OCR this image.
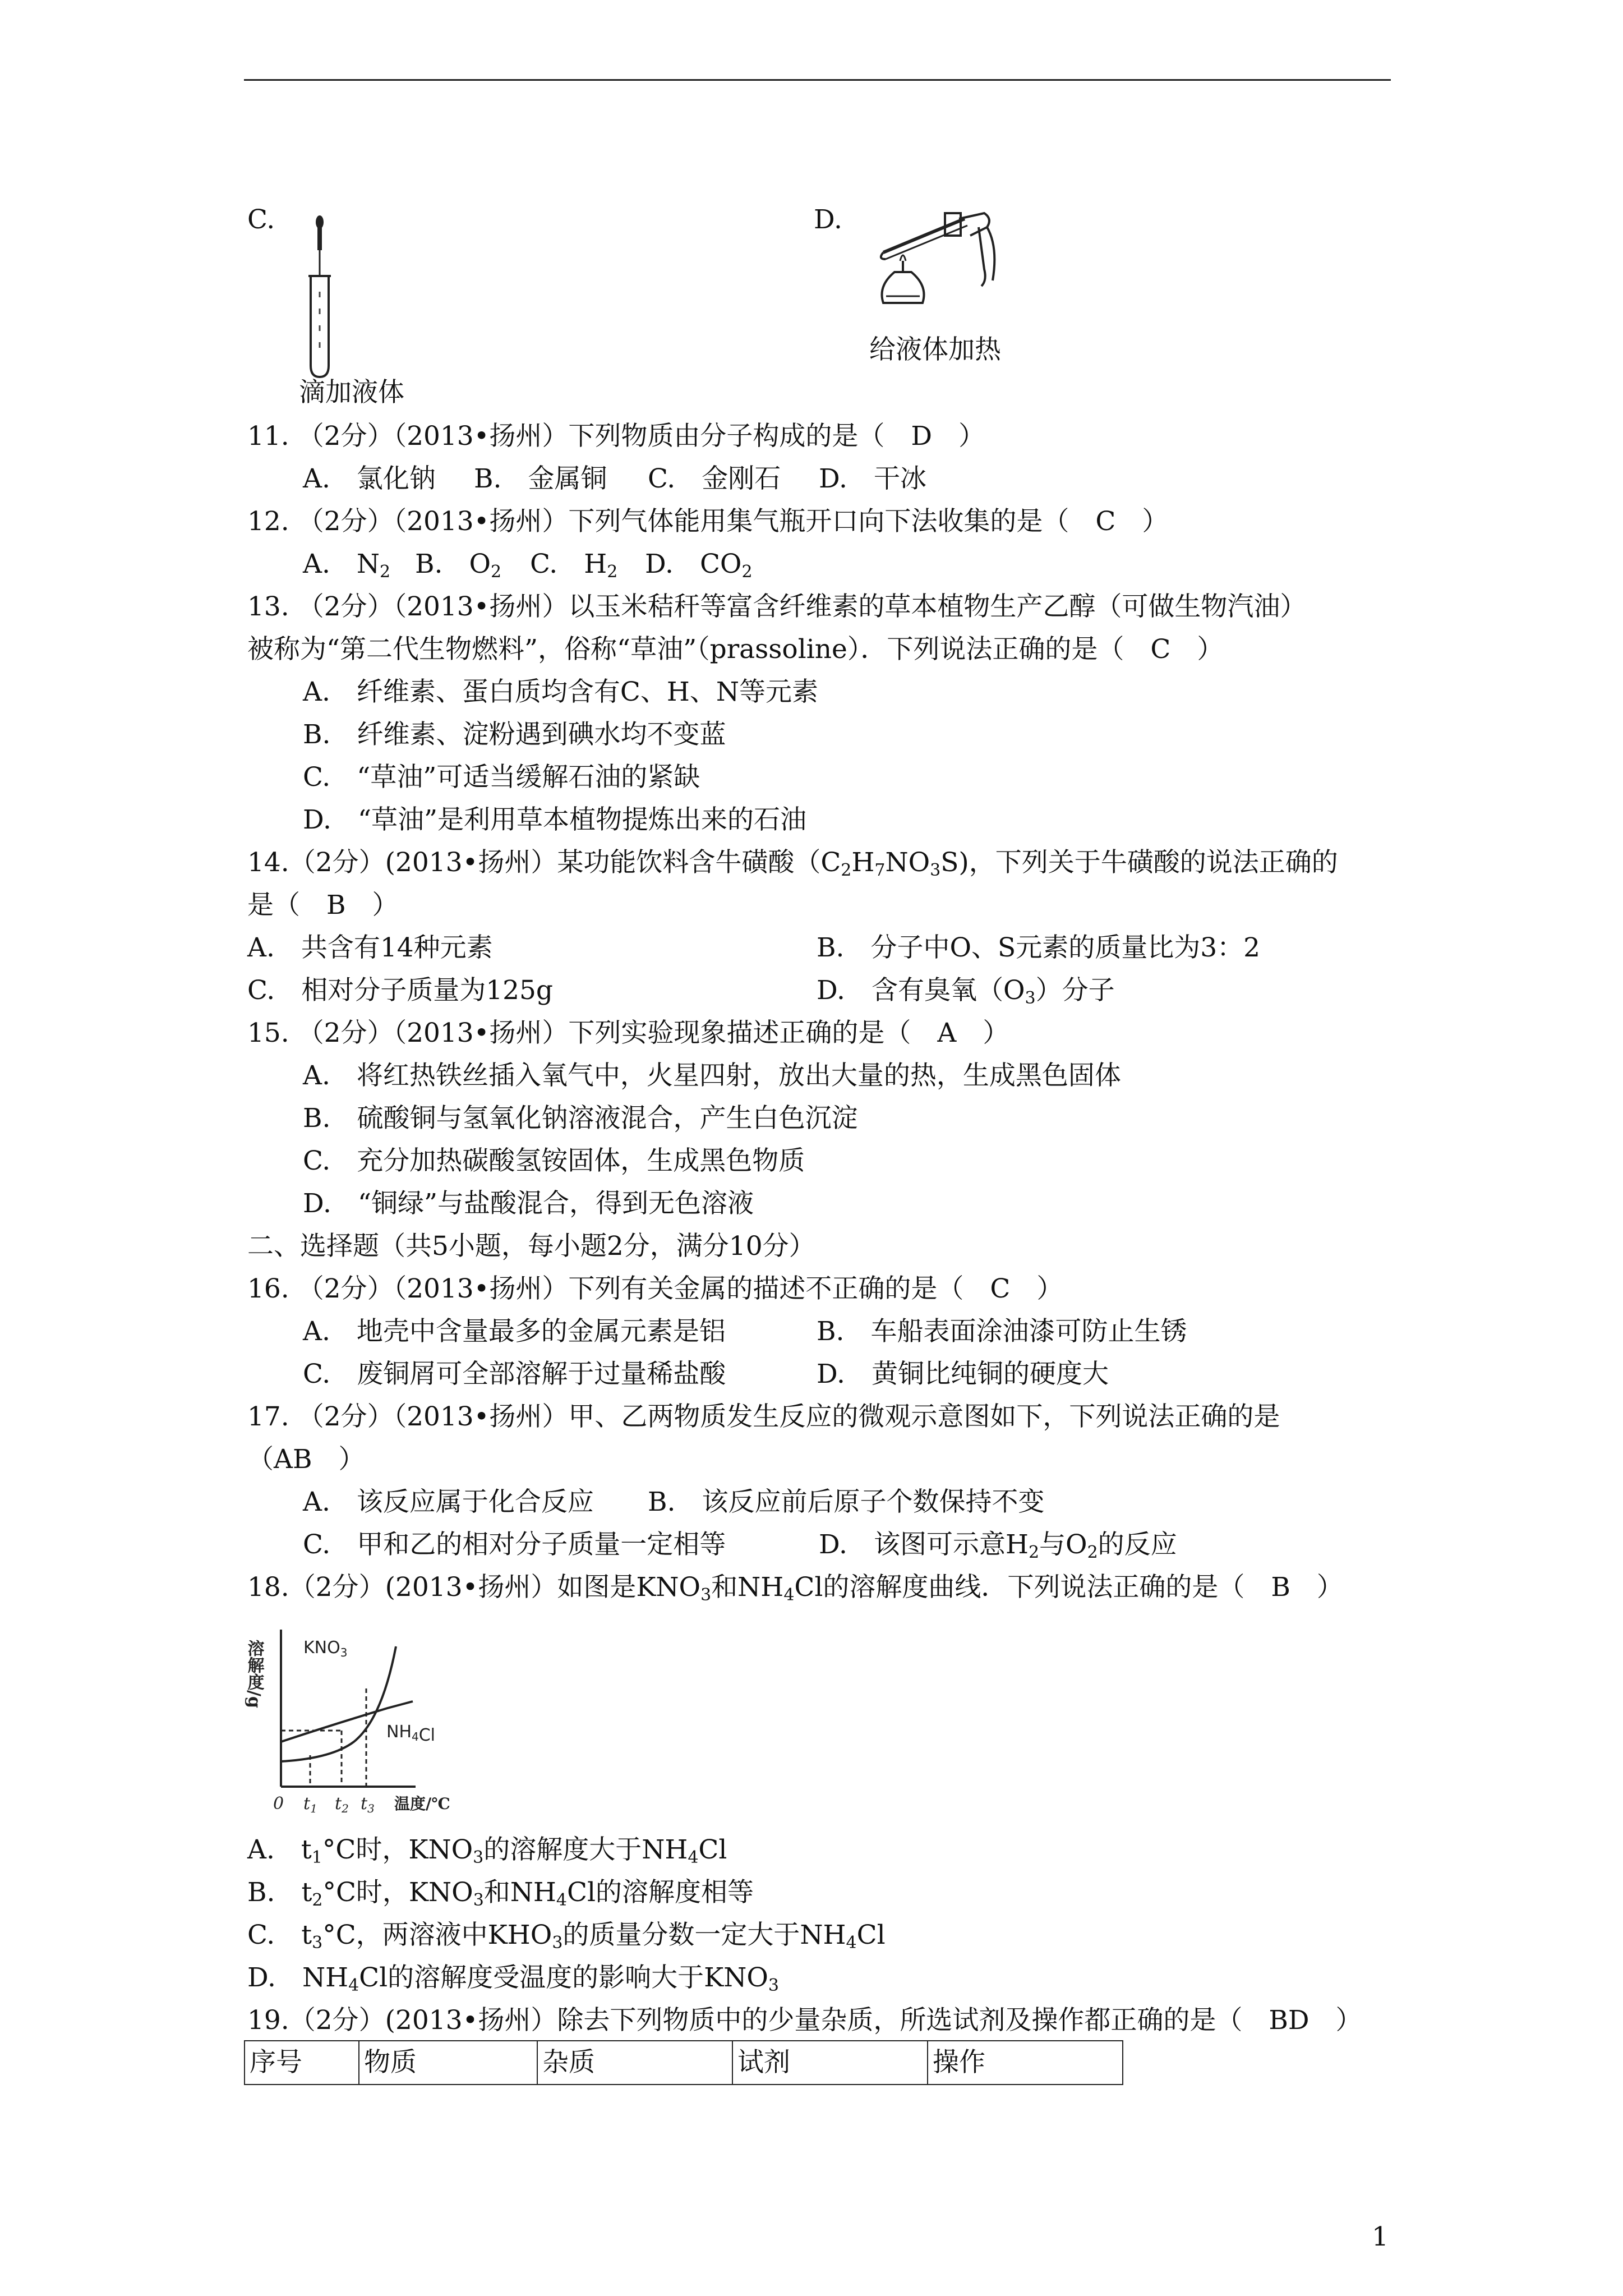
C.
滴加液体
D.
给液体加热
11. （2分）（2013•扬州）下列物质由分子构成的是（　D　）
A.　氯化钠 B.　金属铜 C.　金刚石 D.　干冰
12. （2分）（2013•扬州）下列气体能用集气瓶开口向下法收集的是（　C　）
A.　$N_2$ B.　$O_2$ C.　$H_2$ D.　$CO_2$
13. （2分）（2013•扬州）以玉米秸秆等富含纤维素的草本植物生产乙醇（可做生物汽油）
被称为“第二代生物燃料”，俗称“草油”（prassoline）．下列说法正确的是（　C　）
A.　纤维素、蛋白质均含有C、H、N等元素
B.　纤维素、淀粉遇到碘水均不变蓝
C.　“草油”可适当缓解石油的紧缺
D.　“草油”是利用草本植物提炼出来的石油
14.（2分）(2013•扬州）某功能饮料含牛磺酸$(C_2H_7NO_3S)$，下列关于牛磺酸的说法正确的
是（　B　）
A.　共含有14种元素	B.　分子中O、S元素的质量比为3：2
C.　相对分子质量为125g	D.　含有臭氧$(O_3)$分子
15. （2分）（2013•扬州）下列实验现象描述正确的是（　A　）
A.　将红热铁丝插入氧气中，火星四射，放出大量的热，生成黑色固体
B.　硫酸铜与氢氧化钠溶液混合，产生白色沉淀
C.　充分加热碳酸氢铵固体，生成黑色物质
D.　“铜绿”与盐酸混合，得到无色溶液
二、选择题（共5小题，每小题2分，满分10分）
16. （2分）（2013•扬州）下列有关金属的描述不正确的是（　C　）
A.　地壳中含量最多的金属元素是铝	B.　车船表面涂油漆可防止生锈
C.　废铜屑可全部溶解于过量稀盐酸	D.　黄铜比纯铜的硬度大
17. （2分）（2013•扬州）甲、乙两物质发生反应的微观示意图如下，下列说法正确的是
（AB　）
A.　该反应属于化合反应 B.　该反应前后原子个数保持不变
C.　甲和乙的相对分子质量一定相等	D.　该图可示意$H_2$与$O_2$的反应
18.（2分）(2013•扬州）如图是$KNO_3$和$NH_4Cl$的溶解度曲线．下列说法正确的是（　B　）
溶解度/g $KNO_3$
$NH_4Cl$
0 $t_1$ $t_2$ $t_3$ 温度/℃
A.　$t_1^\circ C$时，$KNO_3$的溶解度大于$NH_4Cl$
B.　$t_2^\circ C$时，$KNO_3$和$NH_4Cl$的溶解度相等
C.　$t_3^\circ C$，两溶液中$KHO_3$的质量分数一定大于$NH_4Cl$
D.　$NH_4Cl$的溶解度受温度的影响大于$KNO_3$
19.（2分）(2013•扬州）除去下列物质中的少量杂质，所选试剂及操作都正确的是（　BD　）
序号	物质	杂质	试剂	操作
1
